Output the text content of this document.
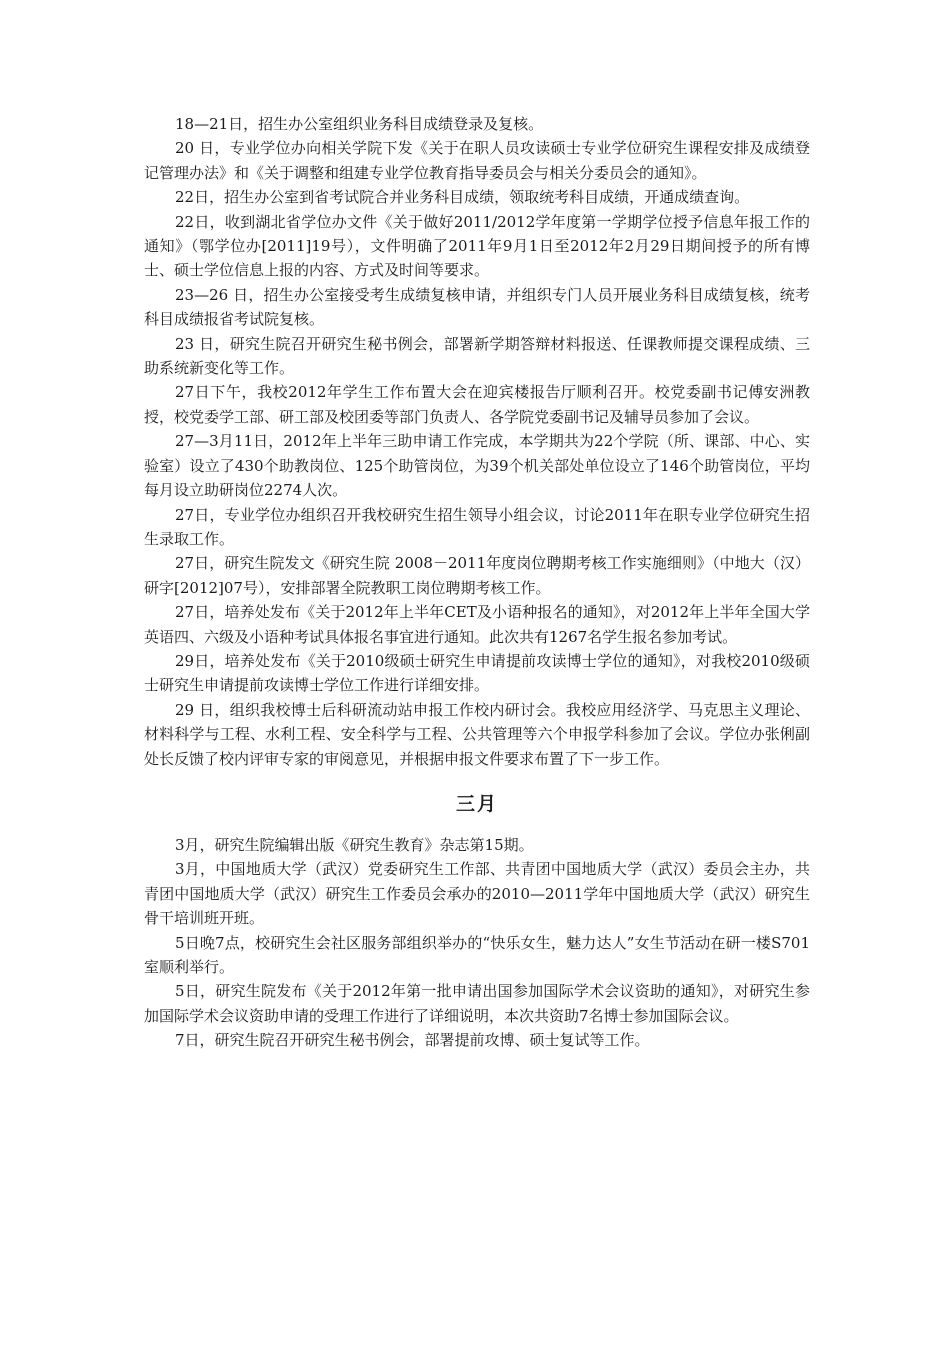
18—21日，招生办公室组织业务科目成绩登录及复核。

20 日，专业学位办向相关学院下发《关于在职人员攻读硕士专业学位研究生课程安排及成绩登记管理办法》和《关于调整和组建专业学位教育指导委员会与相关分委员会的通知》。

22日，招生办公室到省考试院合并业务科目成绩，领取统考科目成绩，开通成绩查询。

22日，收到湖北省学位办文件《关于做好2011/2012学年度第一学期学位授予信息年报工作的通知》（鄂学位办[2011]19号），文件明确了2011年9月1日至2012年2月29日期间授予的所有博士、硕士学位信息上报的内容、方式及时间等要求。

23—26 日，招生办公室接受考生成绩复核申请，并组织专门人员开展业务科目成绩复核，统考科目成绩报省考试院复核。

23 日，研究生院召开研究生秘书例会，部署新学期答辩材料报送、任课教师提交课程成绩、三助系统新变化等工作。

27日下午，我校2012年学生工作布置大会在迎宾楼报告厅顺利召开。校党委副书记傅安洲教授，校党委学工部、研工部及校团委等部门负责人、各学院党委副书记及辅导员参加了会议。

27—3月11日，2012年上半年三助申请工作完成，本学期共为22个学院（所、课部、中心、实验室）设立了430个助教岗位、125个助管岗位，为39个机关部处单位设立了146个助管岗位，平均每月设立助研岗位2274人次。

27日，专业学位办组织召开我校研究生招生领导小组会议，讨论2011年在职专业学位研究生招生录取工作。

27日，研究生院发文《研究生院 2008－2011年度岗位聘期考核工作实施细则》（中地大（汉）研字[2012]07号），安排部署全院教职工岗位聘期考核工作。

27日，培养处发布《关于2012年上半年CET及小语种报名的通知》，对2012年上半年全国大学英语四、六级及小语种考试具体报名事宜进行通知。此次共有1267名学生报名参加考试。

29日，培养处发布《关于2010级硕士研究生申请提前攻读博士学位的通知》，对我校2010级硕士研究生申请提前攻读博士学位工作进行详细安排。

29 日，组织我校博士后科研流动站申报工作校内研讨会。我校应用经济学、马克思主义理论、材料科学与工程、水利工程、安全科学与工程、公共管理等六个申报学科参加了会议。学位办张俐副处长反馈了校内评审专家的审阅意见，并根据申报文件要求布置了下一步工作。

三月

3月，研究生院编辑出版《研究生教育》杂志第15期。

3月，中国地质大学（武汉）党委研究生工作部、共青团中国地质大学（武汉）委员会主办，共青团中国地质大学（武汉）研究生工作委员会承办的2010—2011学年中国地质大学（武汉）研究生骨干培训班开班。

5日晚7点，校研究生会社区服务部组织举办的“快乐女生，魅力达人”女生节活动在研一楼S701室顺利举行。

5日，研究生院发布《关于2012年第一批申请出国参加国际学术会议资助的通知》，对研究生参加国际学术会议资助申请的受理工作进行了详细说明，本次共资助7名博士参加国际会议。

7日，研究生院召开研究生秘书例会，部署提前攻博、硕士复试等工作。
